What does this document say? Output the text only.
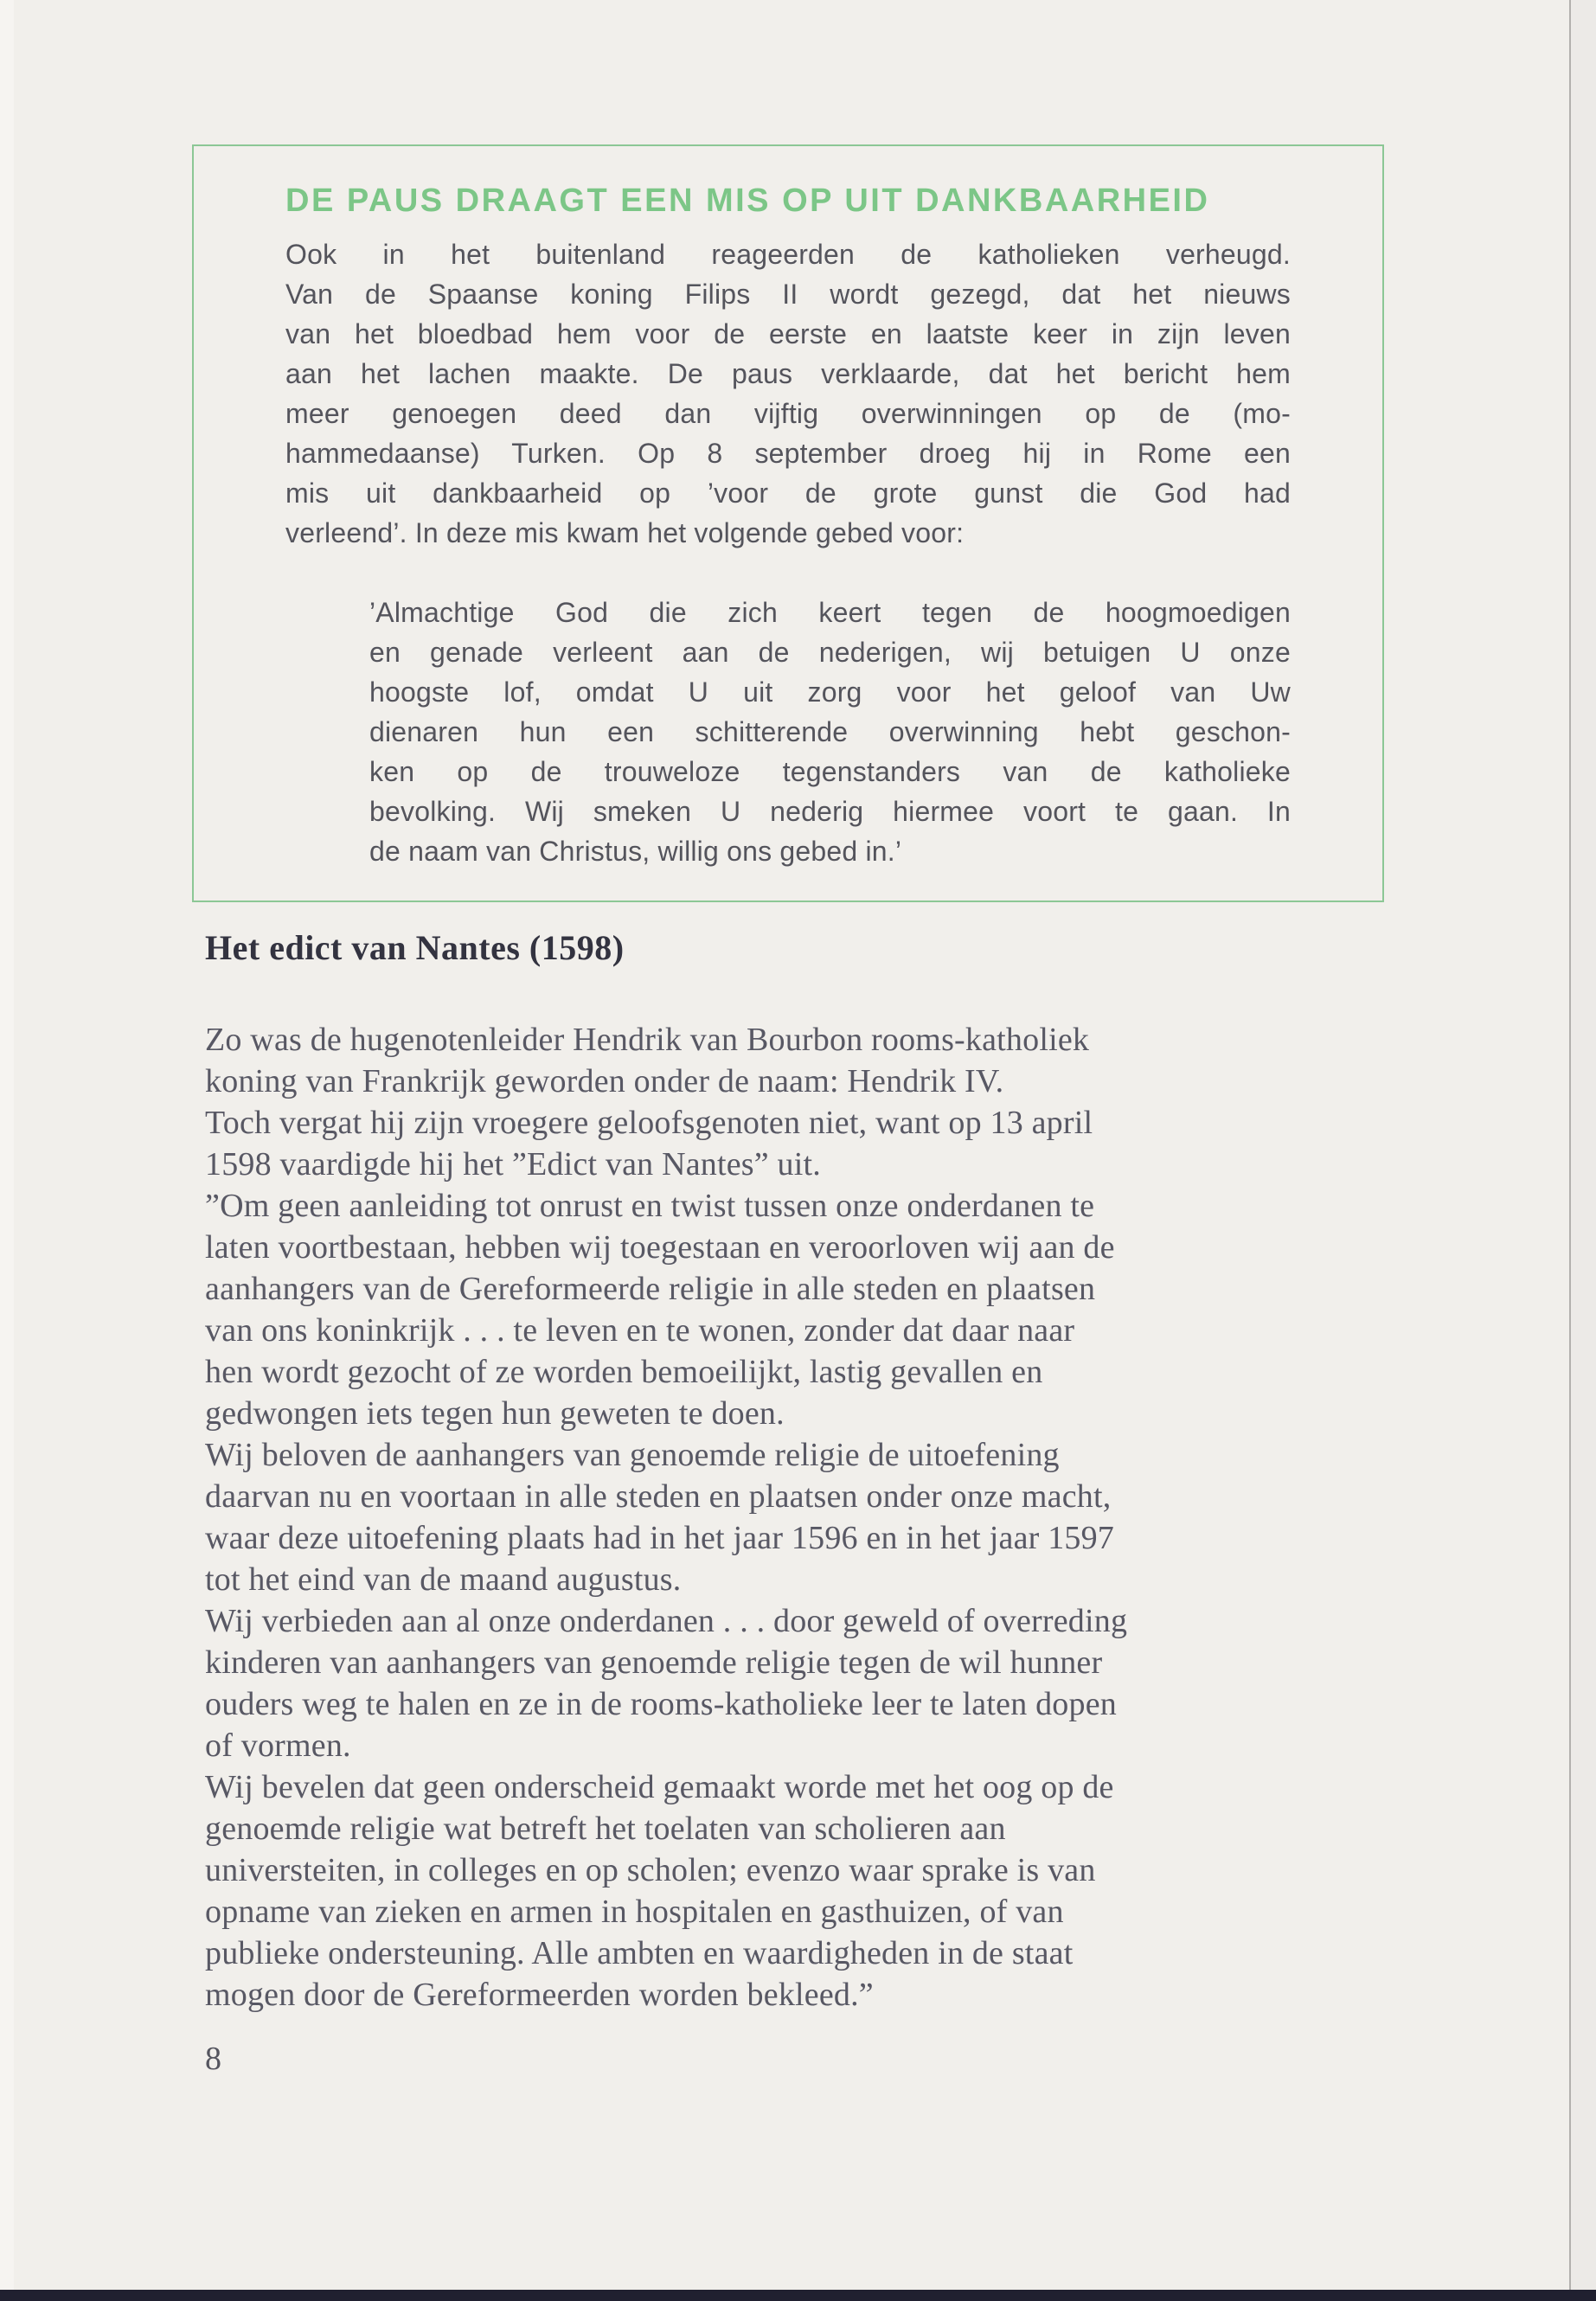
DE PAUS DRAAGT EEN MIS OP UIT DANKBAARHEID
Ook in het buitenland reageerden de katholieken verheugd.
Van de Spaanse koning Filips II wordt gezegd, dat het nieuws
van het bloedbad hem voor de eerste en laatste keer in zijn leven
aan het lachen maakte. De paus verklaarde, dat het bericht hem
meer genoegen deed dan vijftig overwinningen op de (mo-
hammedaanse) Turken. Op 8 september droeg hij in Rome een
mis uit dankbaarheid op ’voor de grote gunst die God had
verleend’. In deze mis kwam het volgende gebed voor:
’Almachtige God die zich keert tegen de hoogmoedigen
en genade verleent aan de nederigen, wij betuigen U onze
hoogste lof, omdat U uit zorg voor het geloof van Uw
dienaren hun een schitterende overwinning hebt geschon-
ken op de trouweloze tegenstanders van de katholieke
bevolking. Wij smeken U nederig hiermee voort te gaan. In
de naam van Christus, willig ons gebed in.’
Het edict van Nantes (1598)
Zo was de hugenotenleider Hendrik van Bourbon rooms-katholiek
koning van Frankrijk geworden onder de naam: Hendrik IV.
Toch vergat hij zijn vroegere geloofsgenoten niet, want op 13 april
1598 vaardigde hij het ”Edict van Nantes” uit.
”Om geen aanleiding tot onrust en twist tussen onze onderdanen te
laten voortbestaan, hebben wij toegestaan en veroorloven wij aan de
aanhangers van de Gereformeerde religie in alle steden en plaatsen
van ons koninkrijk . . . te leven en te wonen, zonder dat daar naar
hen wordt gezocht of ze worden bemoeilijkt, lastig gevallen en
gedwongen iets tegen hun geweten te doen.
Wij beloven de aanhangers van genoemde religie de uitoefening
daarvan nu en voortaan in alle steden en plaatsen onder onze macht,
waar deze uitoefening plaats had in het jaar 1596 en in het jaar 1597
tot het eind van de maand augustus.
Wij verbieden aan al onze onderdanen . . . door geweld of overreding
kinderen van aanhangers van genoemde religie tegen de wil hunner
ouders weg te halen en ze in de rooms-katholieke leer te laten dopen
of vormen.
Wij bevelen dat geen onderscheid gemaakt worde met het oog op de
genoemde religie wat betreft het toelaten van scholieren aan
universteiten, in colleges en op scholen; evenzo waar sprake is van
opname van zieken en armen in hospitalen en gasthuizen, of van
publieke ondersteuning. Alle ambten en waardigheden in de staat
mogen door de Gereformeerden worden bekleed.”
8
